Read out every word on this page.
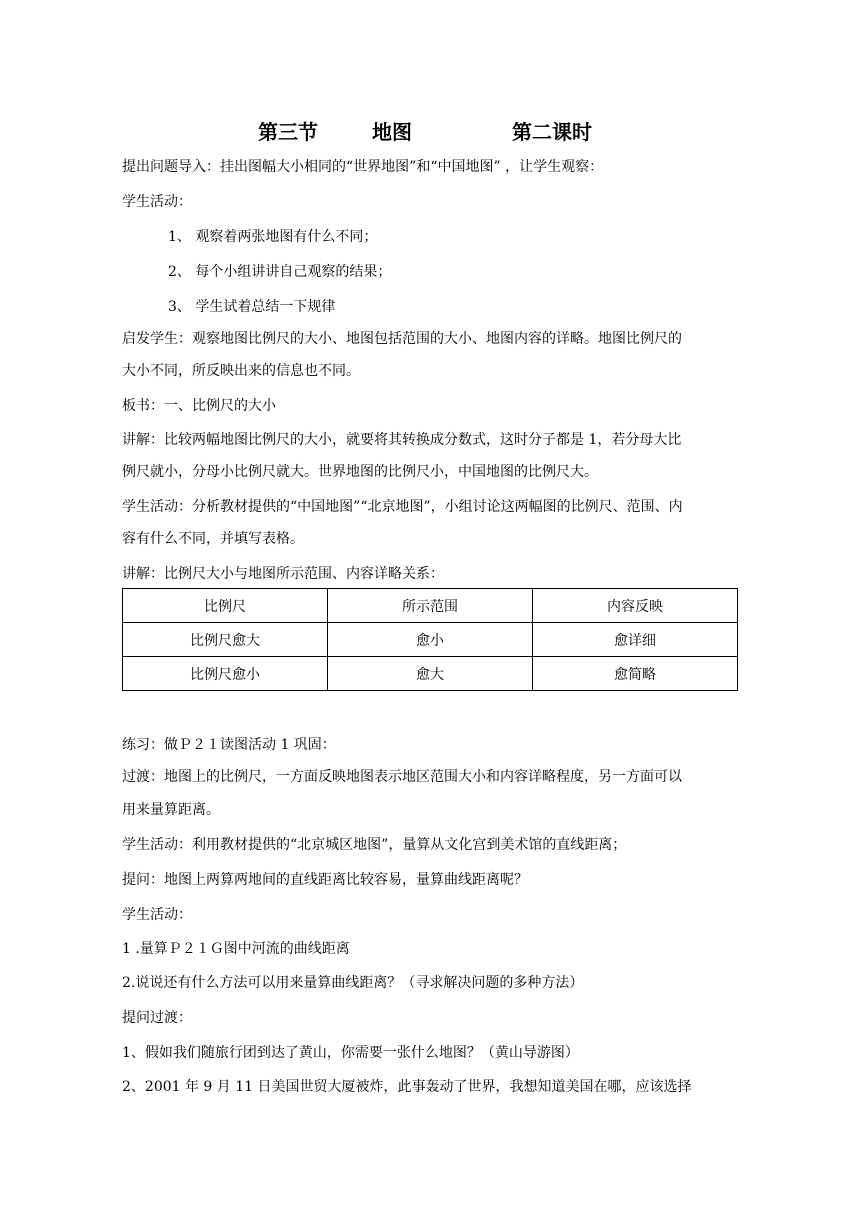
第三节	地图	第二课时
提出问题导入：挂出图幅大小相同的“世界地图”和“中国地图” ，让学生观察：
学生活动：
1、 观察着两张地图有什么不同；
2、 每个小组讲讲自己观察的结果；
3、 学生试着总结一下规律
启发学生：观察地图比例尺的大小、地图包括范围的大小、地图内容的详略。地图比例尺的
大小不同，所反映出来的信息也不同。
板书：一、比例尺的大小
讲解：比较两幅地图比例尺的大小，就要将其转换成分数式，这时分子都是 1，若分母大比
例尺就小，分母小比例尺就大。世界地图的比例尺小，中国地图的比例尺大。
学生活动：分析教材提供的“中国地图”“北京地图”，小组讨论这两幅图的比例尺、范围、内
容有什么不同，并填写表格。
讲解：比例尺大小与地图所示范围、内容详略关系：
比例尺	所示范围	内容反映
比例尺愈大	愈小	愈详细
比例尺愈小	愈大	愈简略
练习：做Ｐ２１读图活动 1 巩固：
过渡：地图上的比例尺，一方面反映地图表示地区范围大小和内容详略程度，另一方面可以
用来量算距离。
学生活动：利用教材提供的“北京城区地图”，量算从文化宫到美术馆的直线距离；
提问：地图上两算两地间的直线距离比较容易，量算曲线距离呢？
学生活动：
1 .量算Ｐ２１Ｇ图中河流的曲线距离
2.说说还有什么方法可以用来量算曲线距离？（寻求解决问题的多种方法）
提问过渡：
1、假如我们随旅行团到达了黄山，你需要一张什么地图？（黄山导游图）
2、2001 年 9 月 11 日美国世贸大厦被炸，此事轰动了世界，我想知道美国在哪，应该选择
